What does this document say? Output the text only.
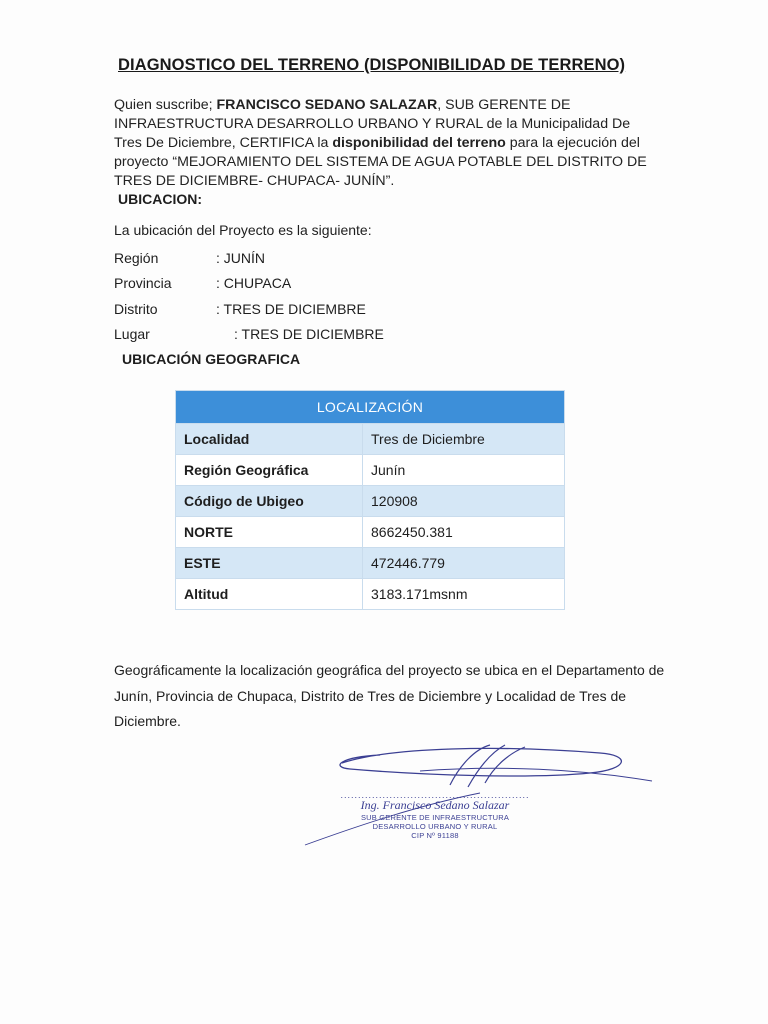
DIAGNOSTICO DEL TERRENO (DISPONIBILIDAD DE TERRENO)
Quien suscribe; FRANCISCO SEDANO SALAZAR, SUB GERENTE DE INFRAESTRUCTURA DESARROLLO URBANO Y RURAL de la Municipalidad De Tres De Diciembre, CERTIFICA la disponibilidad del terreno para la ejecución del proyecto “MEJORAMIENTO DEL SISTEMA DE AGUA POTABLE DEL DISTRITO DE TRES DE DICIEMBRE- CHUPACA- JUNÍN”.
UBICACION:
La ubicación del Proyecto es la siguiente:
Región	: JUNÍN
Provincia	: CHUPACA
Distrito	: TRES DE DICIEMBRE
Lugar	: TRES DE DICIEMBRE
UBICACIÓN GEOGRAFICA
LOCALIZACIÓN	
Localidad	Tres de Diciembre
Región Geográfica	Junín
Código de Ubigeo	120908
NORTE	8662450.381
ESTE	472446.779
Altitud	3183.171msnm
Geográficamente la localización geográfica del proyecto se ubica en el Departamento de Junín, Provincia de Chupaca, Distrito de Tres de Diciembre y Localidad de Tres de Diciembre.
......................................................
Ing. Francisco Sedano Salazar
SUB GERENTE DE INFRAESTRUCTURA
DESARROLLO URBANO Y RURAL
CIP Nº 91188
